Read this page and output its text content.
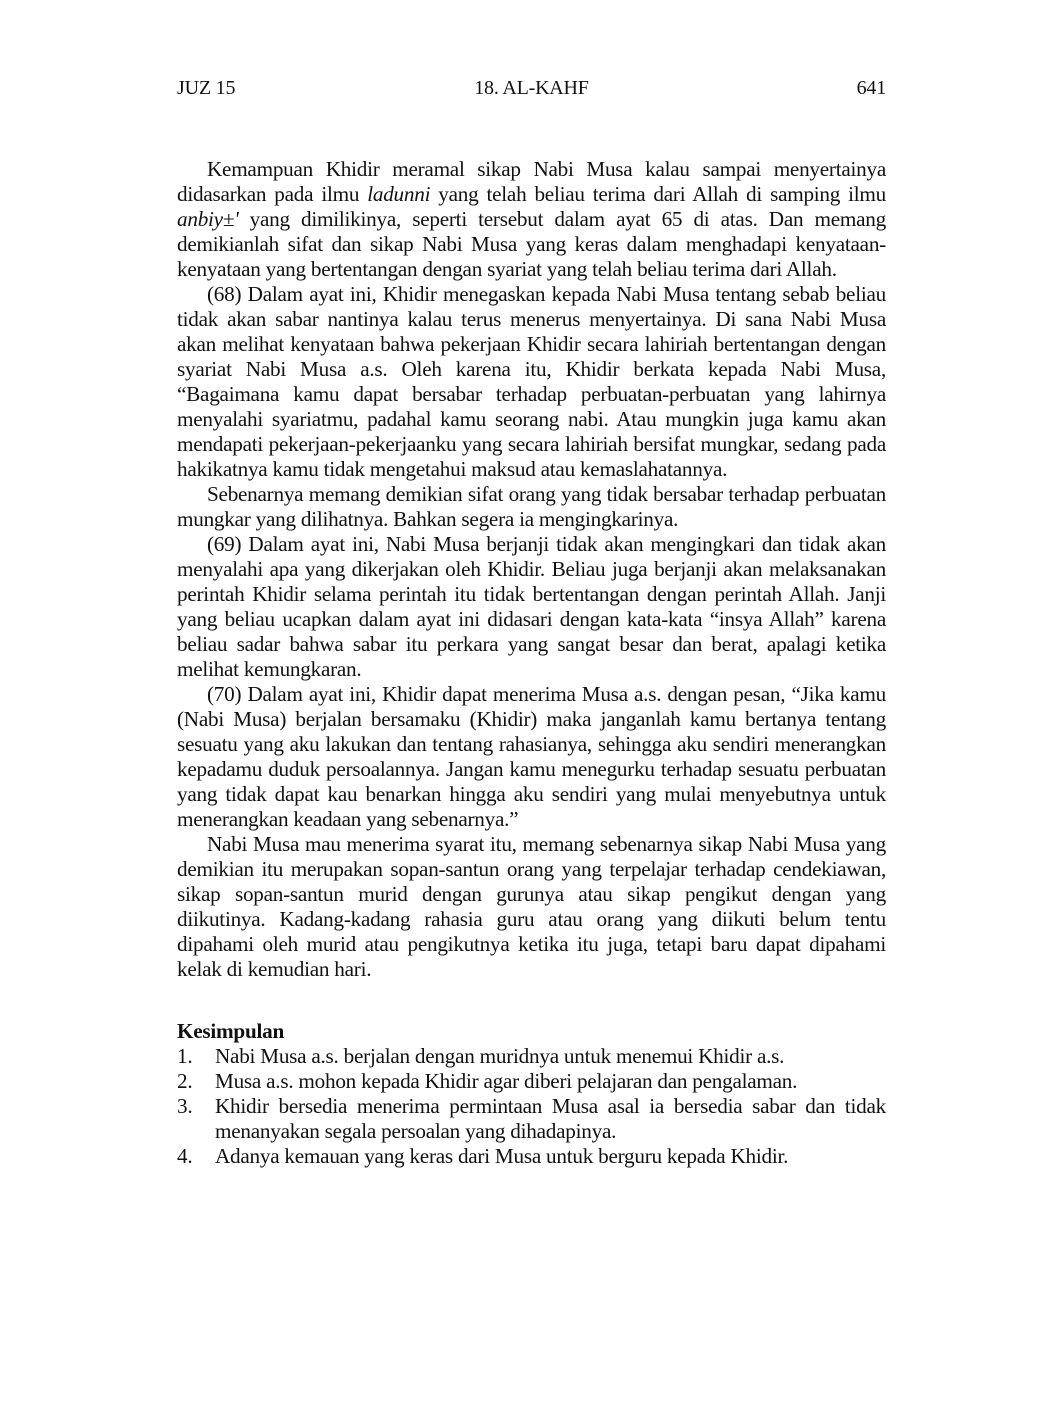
JUZ 15	18. AL-KAHF	641

Kemampuan Khidir meramal sikap Nabi Musa kalau sampai menyertainya didasarkan pada ilmu ladunni yang telah beliau terima dari Allah di samping ilmu anbiy±' yang dimilikinya, seperti tersebut dalam ayat 65 di atas. Dan memang demikianlah sifat dan sikap Nabi Musa yang keras dalam menghadapi kenyataan-kenyataan yang bertentangan dengan syariat yang telah beliau terima dari Allah.

(68) Dalam ayat ini, Khidir menegaskan kepada Nabi Musa tentang sebab beliau tidak akan sabar nantinya kalau terus menerus menyertainya. Di sana Nabi Musa akan melihat kenyataan bahwa pekerjaan Khidir secara lahiriah bertentangan dengan syariat Nabi Musa a.s. Oleh karena itu, Khidir berkata kepada Nabi Musa, “Bagaimana kamu dapat bersabar terhadap perbuatan-perbuatan yang lahirnya menyalahi syariatmu, padahal kamu seorang nabi. Atau mungkin juga kamu akan mendapati pekerjaan-pekerjaanku yang secara lahiriah bersifat mungkar, sedang pada hakikatnya kamu tidak mengetahui maksud atau kemaslahatannya.

Sebenarnya memang demikian sifat orang yang tidak bersabar terhadap perbuatan mungkar yang dilihatnya. Bahkan segera ia mengingkarinya.

(69) Dalam ayat ini, Nabi Musa berjanji tidak akan mengingkari dan tidak akan menyalahi apa yang dikerjakan oleh Khidir. Beliau juga berjanji akan melaksanakan perintah Khidir selama perintah itu tidak bertentangan dengan perintah Allah. Janji yang beliau ucapkan dalam ayat ini didasari dengan kata-kata “insya Allah” karena beliau sadar bahwa sabar itu perkara yang sangat besar dan berat, apalagi ketika melihat kemungkaran.

(70) Dalam ayat ini, Khidir dapat menerima Musa a.s. dengan pesan, “Jika kamu (Nabi Musa) berjalan bersamaku (Khidir) maka janganlah kamu bertanya tentang sesuatu yang aku lakukan dan tentang rahasianya, sehingga aku sendiri menerangkan kepadamu duduk persoalannya. Jangan kamu menegurku terhadap sesuatu perbuatan yang tidak dapat kau benarkan hingga aku sendiri yang mulai menyebutnya untuk menerangkan keadaan yang sebenarnya.”

Nabi Musa mau menerima syarat itu, memang sebenarnya sikap Nabi Musa yang demikian itu merupakan sopan-santun orang yang terpelajar terhadap cendekiawan, sikap sopan-santun murid dengan gurunya atau sikap pengikut dengan yang diikutinya. Kadang-kadang rahasia guru atau orang yang diikuti belum tentu dipahami oleh murid atau pengikutnya ketika itu juga, tetapi baru dapat dipahami kelak di kemudian hari.

Kesimpulan
1. Nabi Musa a.s. berjalan dengan muridnya untuk menemui Khidir a.s.
2. Musa a.s. mohon kepada Khidir agar diberi pelajaran dan pengalaman.
3. Khidir bersedia menerima permintaan Musa asal ia bersedia sabar dan tidak menanyakan segala persoalan yang dihadapinya.
4. Adanya kemauan yang keras dari Musa untuk berguru kepada Khidir.
